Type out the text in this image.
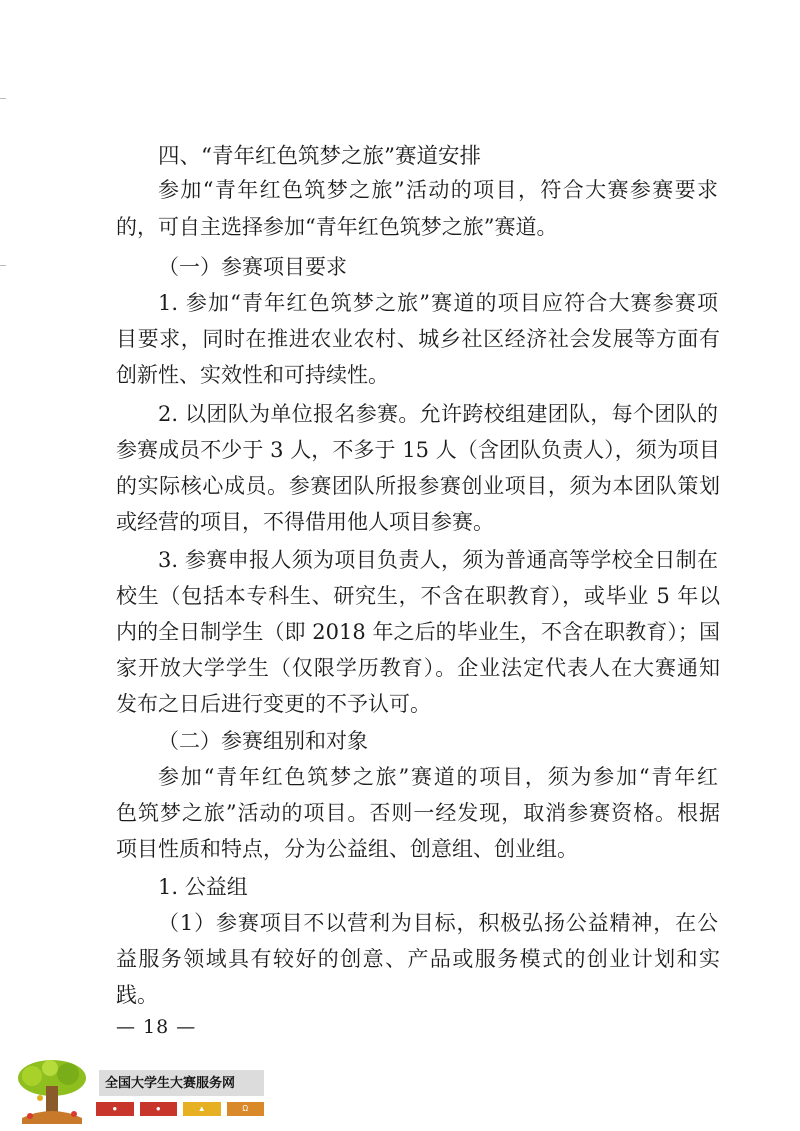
四、“青年红色筑梦之旅”赛道安排
参加“青年红色筑梦之旅”活动的项目，符合大赛参赛要求
的，可自主选择参加“青年红色筑梦之旅”赛道。
（一）参赛项目要求
1. 参加“青年红色筑梦之旅”赛道的项目应符合大赛参赛项
目要求，同时在推进农业农村、城乡社区经济社会发展等方面有
创新性、实效性和可持续性。
2. 以团队为单位报名参赛。允许跨校组建团队，每个团队的
参赛成员不少于 3 人，不多于 15 人（含团队负责人），须为项目
的实际核心成员。参赛团队所报参赛创业项目，须为本团队策划
或经营的项目，不得借用他人项目参赛。
3. 参赛申报人须为项目负责人，须为普通高等学校全日制在
校生（包括本专科生、研究生，不含在职教育），或毕业 5 年以
内的全日制学生（即 2018 年之后的毕业生，不含在职教育）；国
家开放大学学生（仅限学历教育）。企业法定代表人在大赛通知
发布之日后进行变更的不予认可。
（二）参赛组别和对象
参加“青年红色筑梦之旅”赛道的项目，须为参加“青年红
色筑梦之旅”活动的项目。否则一经发现，取消参赛资格。根据
项目性质和特点，分为公益组、创意组、创业组。
1. 公益组
（1）参赛项目不以营利为目标，积极弘扬公益精神，在公
益服务领域具有较好的创意、产品或服务模式的创业计划和实
践。
— 18 —
全国大学生大赛服务网
●	●	▲	Ω
